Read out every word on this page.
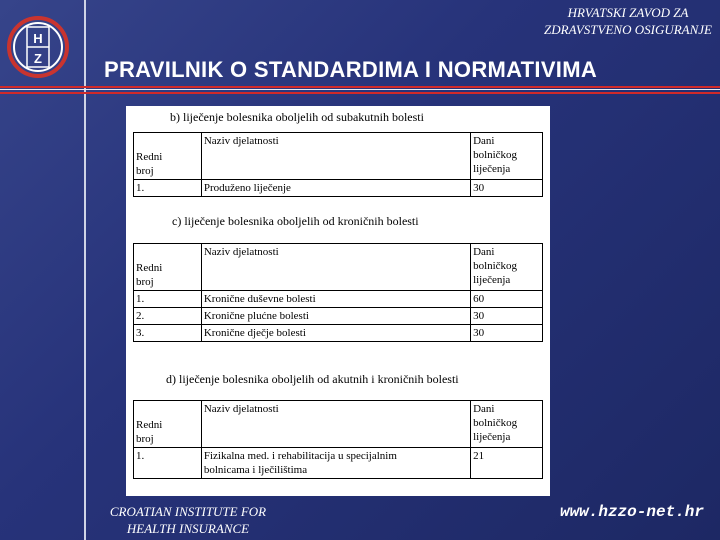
H
Z
HRVATSKI ZAVOD ZA
ZDRAVSTVENO OSIGURANJE
PRAVILNIK O STANDARDIMA I NORMATIVIMA
b) liječenje bolesnika oboljelih od subakutnih bolesti
Redni
broj	Naziv djelatnosti	Dani bolničkog
liječenja
1.	Produženo liječenje	30
c) liječenje bolesnika oboljelih od kroničnih bolesti
Redni
broj	Naziv djelatnosti	Dani bolničkog
liječenja
1.	Kronične duševne bolesti	60
2.	Kronične plućne bolesti	30
3.	Kronične dječje bolesti	30
d) liječenje bolesnika oboljelih od akutnih i kroničnih bolesti
Redni
broj	Naziv djelatnosti	Dani bolničkog
liječenja
1.	Fizikalna med. i rehabilitacija u specijalnim
bolnicama i lječilištima	21
CROATIAN INSTITUTE FOR
HEALTH INSURANCE
www.hzzo-net.hr
